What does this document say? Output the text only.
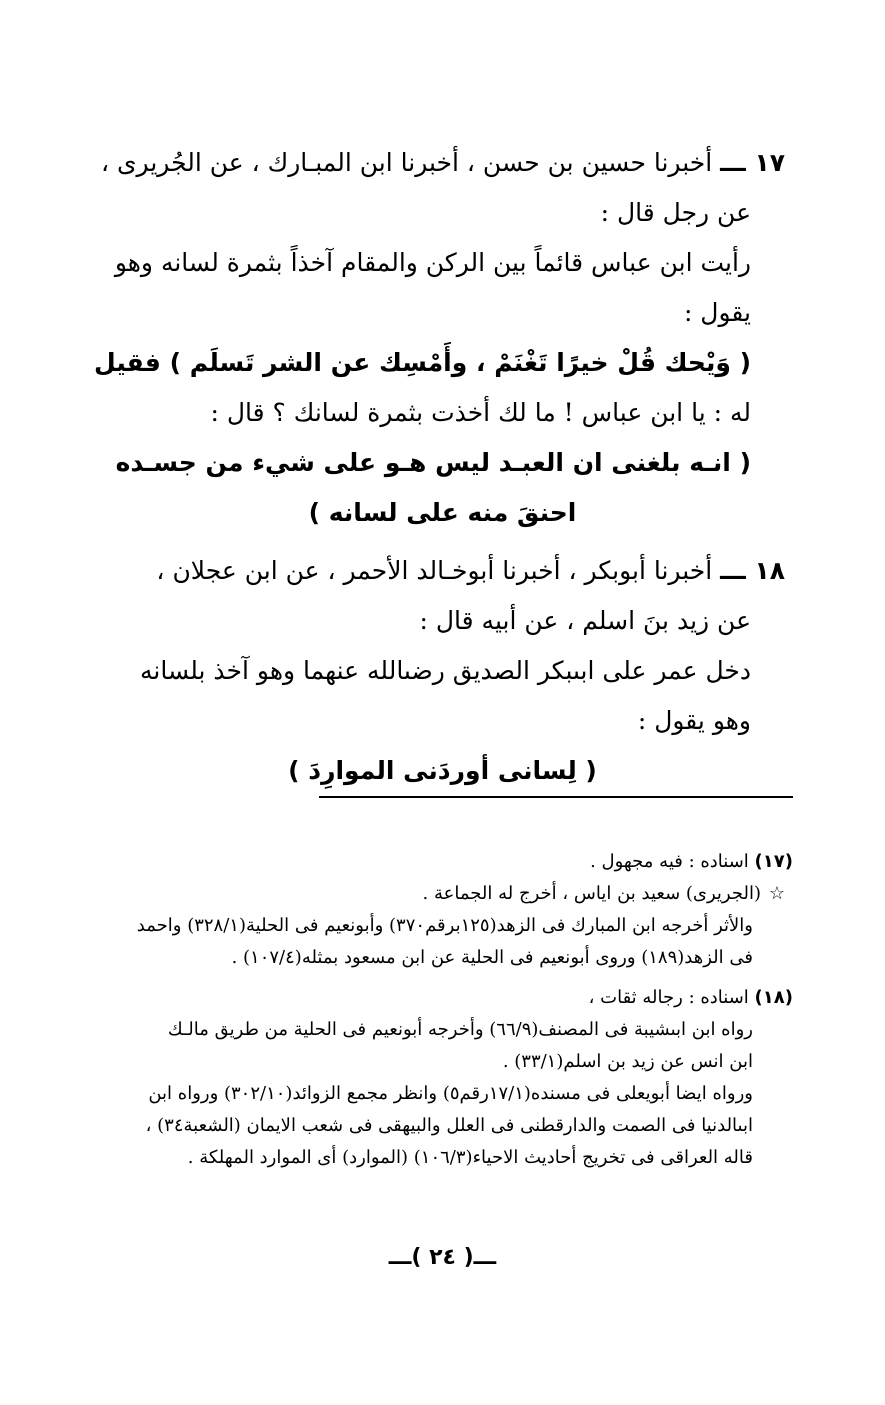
١٧ ـــ أخبرنا حسين بن حسن ، أخبرنا ابن المبـارك ، عن الجُريرى ،
عن رجل قال :
رأيت ابن عباس قائماً بين الركن والمقام آخذاً بثمرة لسانه وهو
يقول :
( وَيْحك قُلْ خيرًا تَغْنَمْ ، وأَمْسِك عن الشر تَسلَم ) فقيل
له : يا ابن عباس ! ما لك أخذت بثمرة لسانك ؟ قال :
( انـه بلغنى ان العبـد ليس هـو على شيء من جسـده
احنقَ منه على لسانه )

١٨ ـــ أخبرنا أبوبكر ، أخبرنا أبوخـالد الأحمر ، عن ابن عجلان ،
عن زيد بنَ اسلم ، عن أبيه قال :
دخل عمر على ابىبكر الصديق رضىالله عنهما وهو آخذ بلسانه
وهو يقول :
( لِسانى أوردَنى الموارِدَ )

(١٧) اسناده : فيه مجهول .
☆(الجريرى) سعيد بن اياس ، أخرج له الجماعة .
والأثر أخرجه ابن المبارك فى الزهد(١٢٥برقم٣٧٠) وأبونعيم فى الحلية(٣٢٨/١) واحمد
فى الزهد(١٨٩) وروى أبونعيم فى الحلية عن ابن مسعود بمثله(١٠٧/٤) .
(١٨) اسناده : رجاله ثقات ،
رواه ابن ابىشيبة فى المصنف(٦٦/٩) وأخرجه أبونعيم فى الحلية من طريق مالـك
ابن انس عن زيد بن اسلم(٣٣/١) .
ورواه ايضا أبويعلى فى مسنده(١٧/١رقم٥) وانظر مجمع الزوائد(٣٠٢/١٠) ورواه ابن
ابىالدنيا فى الصمت والدارقطنى فى العلل والبيهقى فى شعب الايمان (الشعبة٣٤) ،
قاله العراقى فى تخريج أحاديث الاحياء(١٠٦/٣) (الموارد) أى الموارد المهلكة .
ـــ( ٢٤ )ـــ
